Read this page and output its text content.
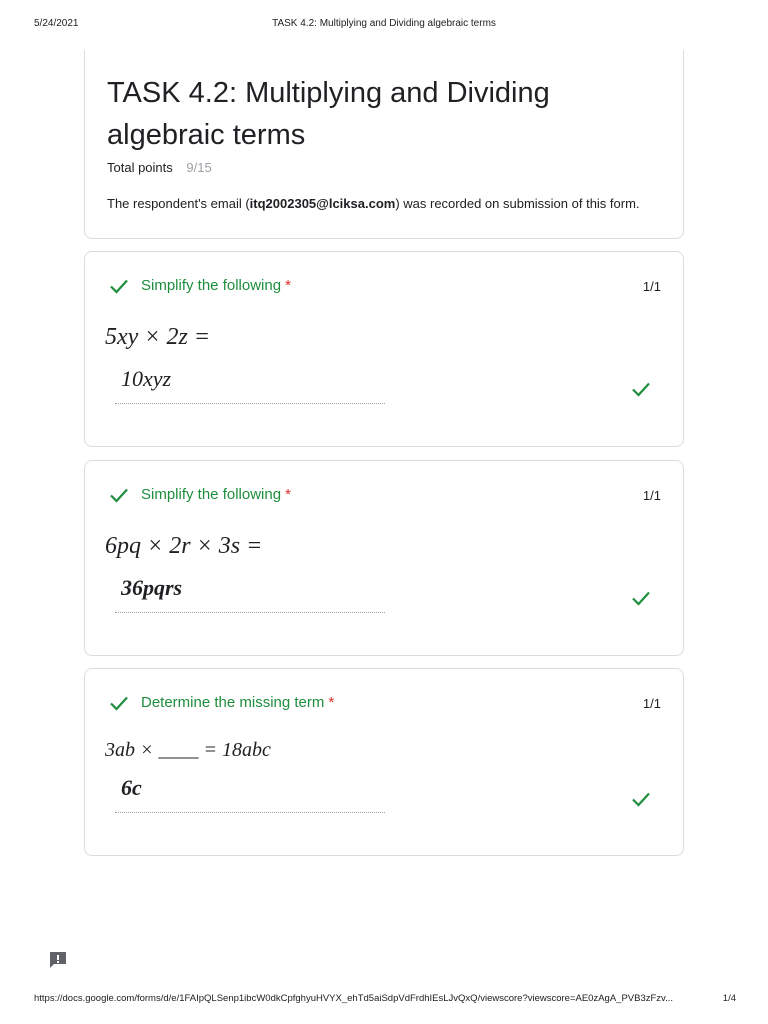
5/24/2021	TASK 4.2: Multiplying and Dividing algebraic terms
TASK 4.2: Multiplying and Dividing algebraic terms
Total points 9/15
The respondent's email (itq2002305@lciksa.com) was recorded on submission of this form.
Simplify the following *	1/1
5xy × 2z =
10xyz
Simplify the following *	1/1
6pq × 2r × 3s =
36pqrs
Determine the missing term *	1/1
3ab × ____ = 18abc
6c
https://docs.google.com/forms/d/e/1FAIpQLSenp1ibcW0dkCpfghyuHVYX_ehTd5aiSdpVdFrdhIEsLJvQxQ/viewscore?viewscore=AE0zAgA_PVB3zFzv...	1/4
